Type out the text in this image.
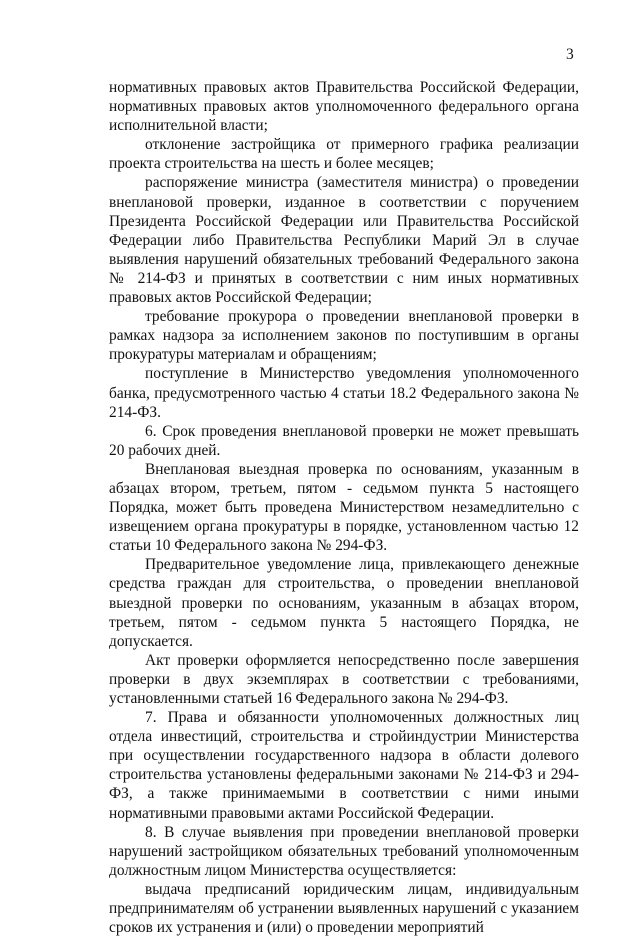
3

нормативных правовых актов Правительства Российской Федерации, нормативных правовых актов уполномоченного федерального органа исполнительной власти;

отклонение застройщика от примерного графика реализации проекта строительства на шесть и более месяцев;

распоряжение министра (заместителя министра) о проведении внеплановой проверки, изданное в соответствии с поручением Президента Российской Федерации или Правительства Российской Федерации либо Правительства Республики Марий Эл в случае выявления нарушений обязательных требований Федерального закона № 214-ФЗ и принятых в соответствии с ним иных нормативных правовых актов Российской Федерации;

требование прокурора о проведении внеплановой проверки в рамках надзора за исполнением законов по поступившим в органы прокуратуры материалам и обращениям;

поступление в Министерство уведомления уполномоченного банка, предусмотренного частью 4 статьи 18.2 Федерального закона № 214-ФЗ.

6. Срок проведения внеплановой проверки не может превышать 20 рабочих дней.

Внеплановая выездная проверка по основаниям, указанным в абзацах втором, третьем, пятом - седьмом пункта 5 настоящего Порядка, может быть проведена Министерством незамедлительно с извещением органа прокуратуры в порядке, установленном частью 12 статьи 10 Федерального закона № 294-ФЗ.

Предварительное уведомление лица, привлекающего денежные средства граждан для строительства, о проведении внеплановой выездной проверки по основаниям, указанным в абзацах втором, третьем, пятом - седьмом пункта 5 настоящего Порядка, не допускается.

Акт проверки оформляется непосредственно после завершения проверки в двух экземплярах в соответствии с требованиями, установленными статьей 16 Федерального закона № 294-ФЗ.

7. Права и обязанности уполномоченных должностных лиц отдела инвестиций, строительства и стройиндустрии Министерства при осуществлении государственного надзора в области долевого строительства установлены федеральными законами № 214-ФЗ и 294-ФЗ, а также принимаемыми в соответствии с ними иными нормативными правовыми актами Российской Федерации.

8. В случае выявления при проведении внеплановой проверки нарушений застройщиком обязательных требований уполномоченным должностным лицом Министерства осуществляется:

выдача предписаний юридическим лицам, индивидуальным предпринимателям об устранении выявленных нарушений с указанием сроков их устранения и (или) о проведении мероприятий
